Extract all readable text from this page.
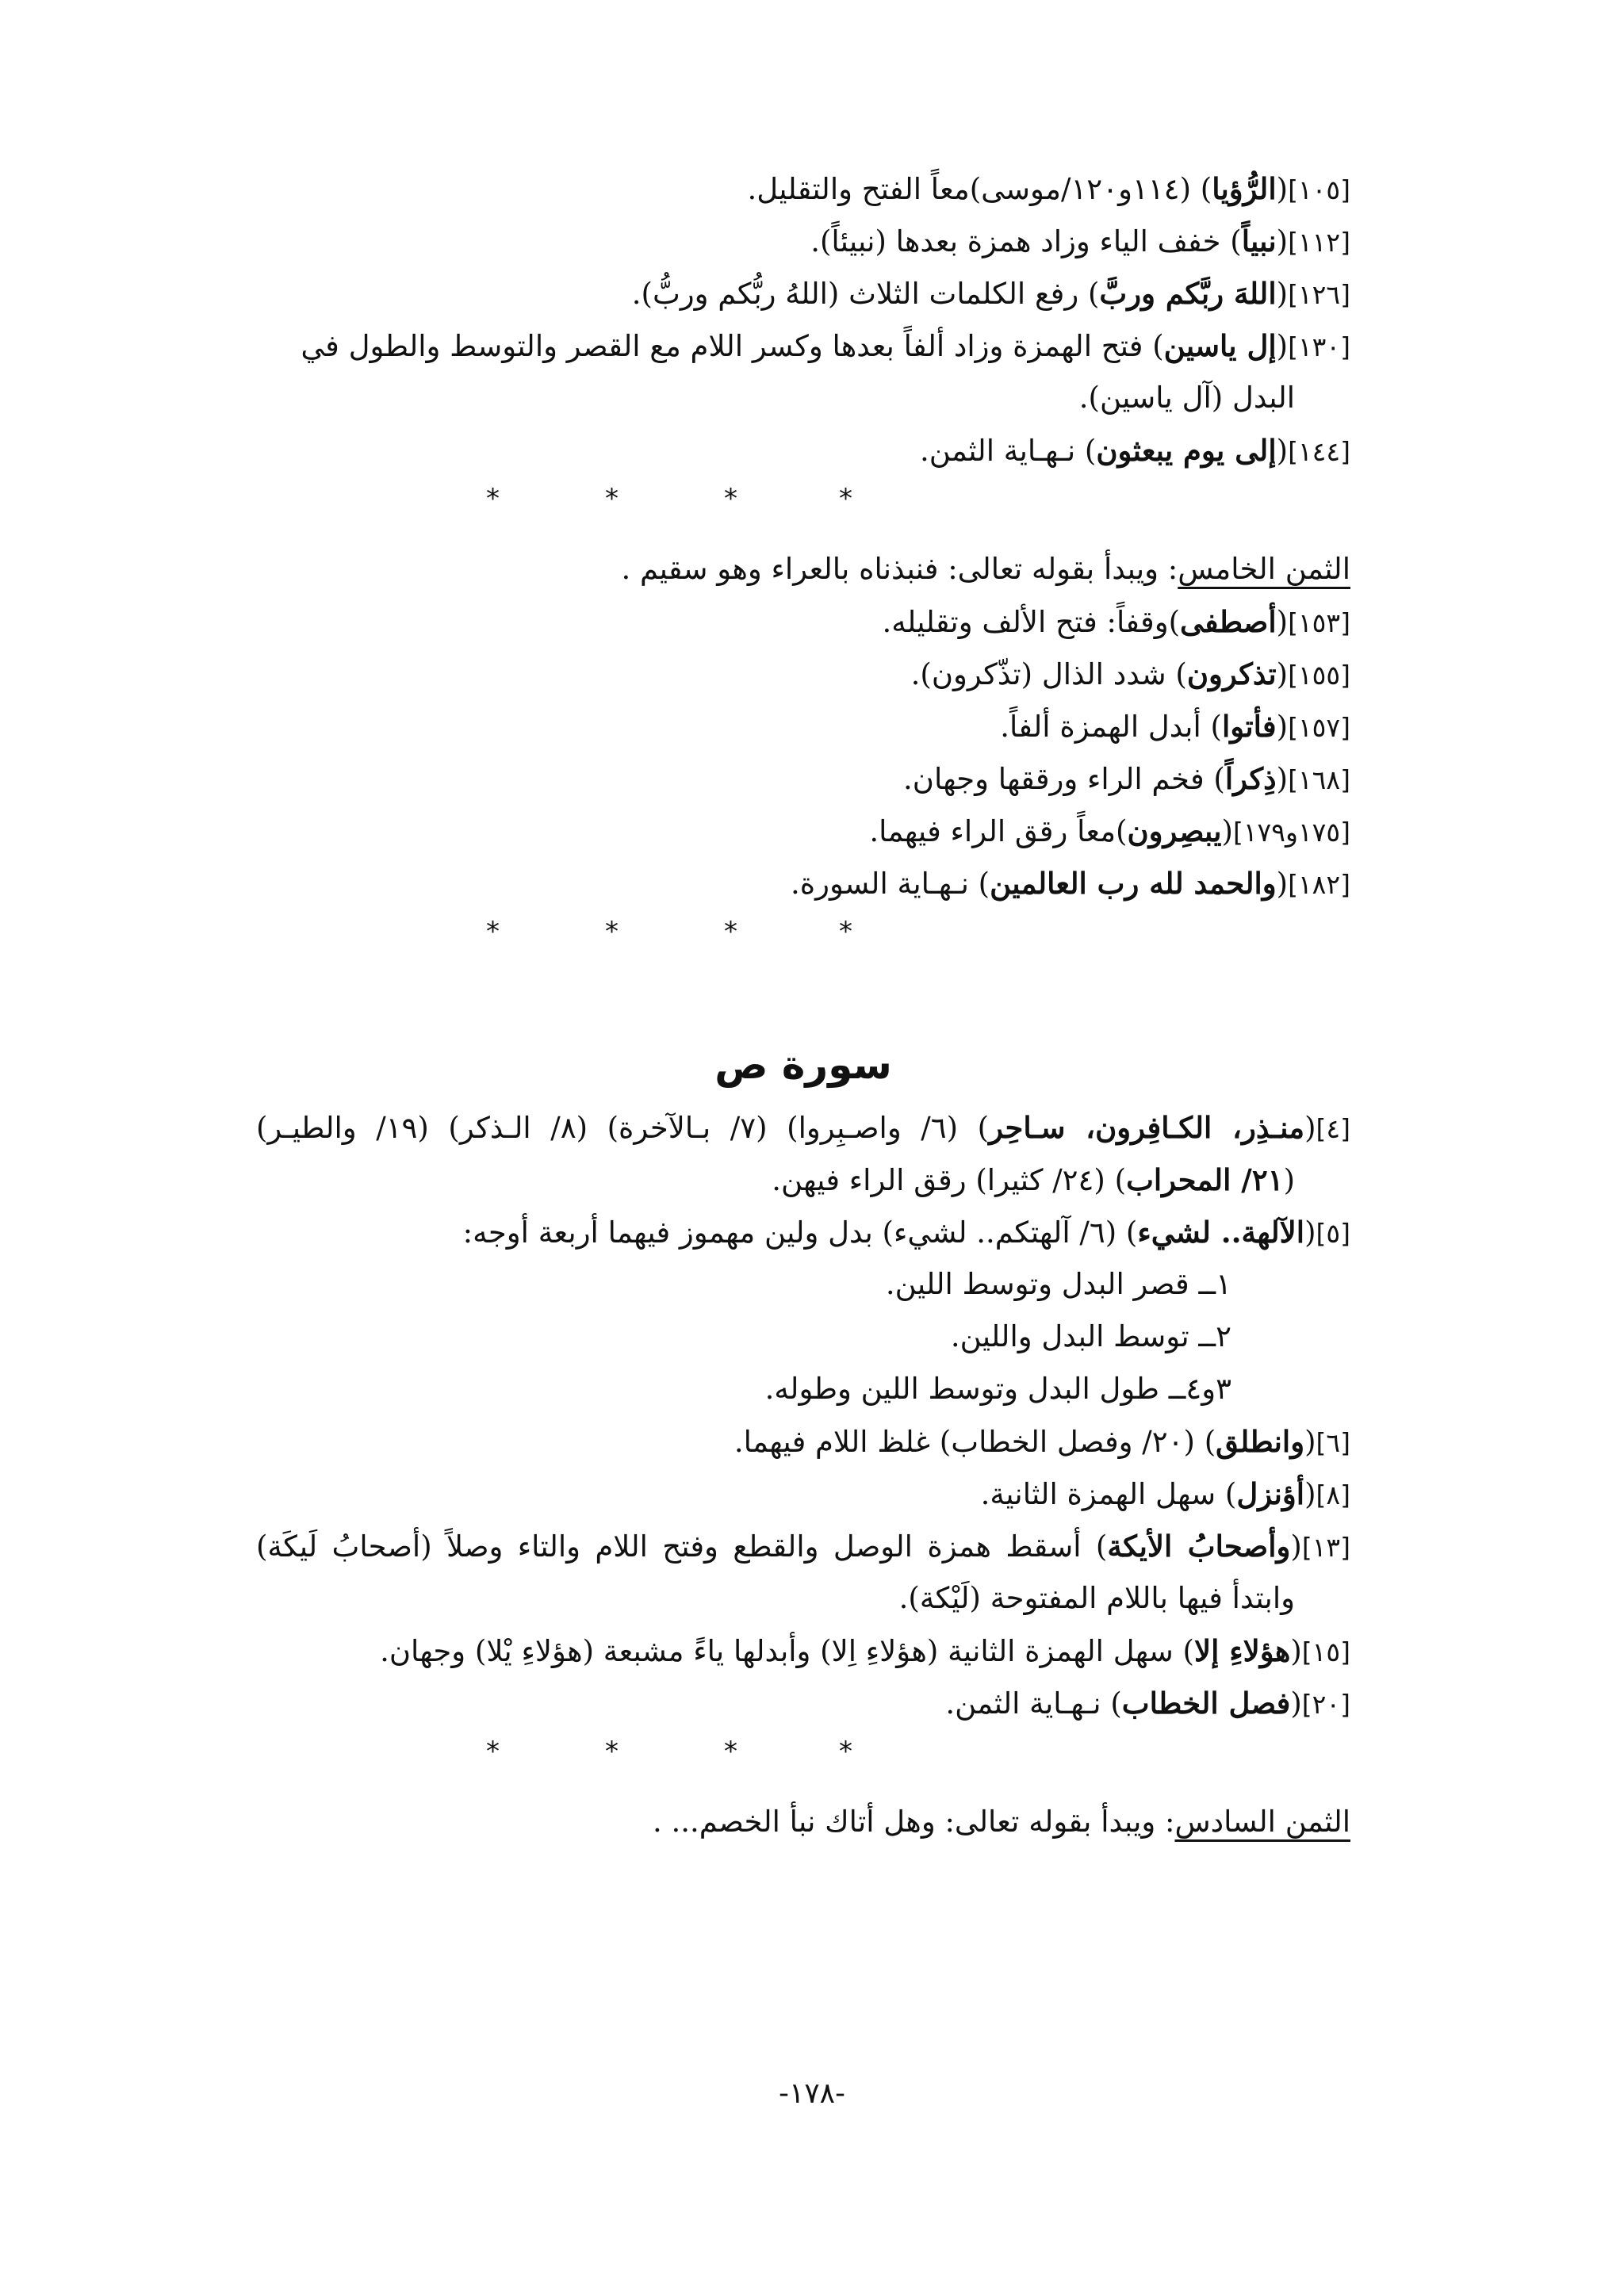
[١٠٥](الرُّؤيا) (١١٤و١٢٠/موسى)معاً الفتح والتقليل.
[١١٢](نبياً) خفف الياء وزاد همزة بعدها (نبيئاً).
[١٢٦](اللهَ ربَّكم وربَّ) رفع الكلمات الثلاث (اللهُ ربُّكم وربُّ).
[١٣٠](إل ياسين) فتح الهمزة وزاد ألفاً بعدها وكسر اللام مع القصر والتوسط والطول في
البدل (آل ياسين).
[١٤٤](إلى يوم يبعثون) نـهـاية الثمن.
*	*	*	*
الثمن الخامس: ويبدأ بقوله تعالى: فنبذناه بالعراء وهو سقيم .
[١٥٣](أصطفى)وقفاً: فتح الألف وتقليله.
[١٥٥](تذكرون) شدد الذال (تذّكرون).
[١٥٧](فأتوا) أبدل الهمزة ألفاً.
[١٦٨](ذِكراً) فخم الراء ورققها وجهان.
[١٧٥و١٧٩](يبصِرون)معاً رقق الراء فيهما.
[١٨٢](والحمد لله رب العالمين) نـهـاية السورة.
*	*	*	*
سورة ص
[٤](منـذِر، الكـافِرون، سـاحِر) (٦/ واصـبِروا) (٧/ بـالآخرة) (٨/ الـذكر) (١٩/ والطيـر)
(٢١/ المحراب) (٢٤/ كثيرا) رقق الراء فيهن.
[٥](الآلهة.. لشيء) (٦/ آلهتكم.. لشيء) بدل ولين مهموز فيهما أربعة أوجه:
١ــ قصر البدل وتوسط اللين.
٢ــ توسط البدل واللين.
٣و٤ــ طول البدل وتوسط اللين وطوله.
[٦](وانطلق) (٢٠/ وفصل الخطاب) غلظ اللام فيهما.
[٨](أؤنزل) سهل الهمزة الثانية.
[١٣](وأصحابُ الأيكة) أسقط همزة الوصل والقطع وفتح اللام والتاء وصلاً (أصحابُ لَيكَة)
وابتدأ فيها باللام المفتوحة (لَيْكة).
[١٥](هؤلاءِ إلا) سهل الهمزة الثانية (هؤلاءِ اِلا) وأبدلها ياءً مشبعة (هؤلاءِ يْلا) وجهان.
[٢٠](فصل الخطاب) نـهـاية الثمن.
*	*	*	*
الثمن السادس: ويبدأ بقوله تعالى: وهل أتاك نبأ الخصم... .
-١٧٨-
